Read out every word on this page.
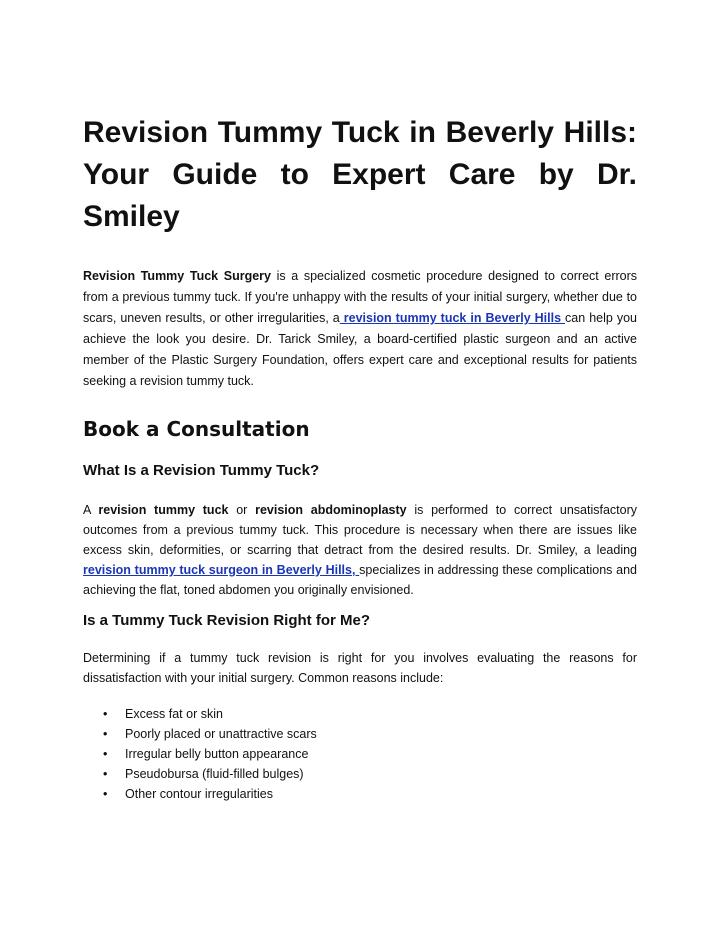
Revision Tummy Tuck in Beverly Hills: Your Guide to Expert Care by Dr. Smiley

Revision Tummy Tuck Surgery is a specialized cosmetic procedure designed to correct errors from a previous tummy tuck. If you're unhappy with the results of your initial surgery, whether due to scars, uneven results, or other irregularities, a revision tummy tuck in Beverly Hills can help you achieve the look you desire. Dr. Tarick Smiley, a board-certified plastic surgeon and an active member of the Plastic Surgery Foundation, offers expert care and exceptional results for patients seeking a revision tummy tuck.

Book a Consultation
What Is a Revision Tummy Tuck?

A revision tummy tuck or revision abdominoplasty is performed to correct unsatisfactory outcomes from a previous tummy tuck. This procedure is necessary when there are issues like excess skin, deformities, or scarring that detract from the desired results. Dr. Smiley, a leading revision tummy tuck surgeon in Beverly Hills, specializes in addressing these complications and achieving the flat, toned abdomen you originally envisioned.

Is a Tummy Tuck Revision Right for Me?

Determining if a tummy tuck revision is right for you involves evaluating the reasons for dissatisfaction with your initial surgery. Common reasons include:

• Excess fat or skin
• Poorly placed or unattractive scars
• Irregular belly button appearance
• Pseudobursa (fluid-filled bulges)
• Other contour irregularities
